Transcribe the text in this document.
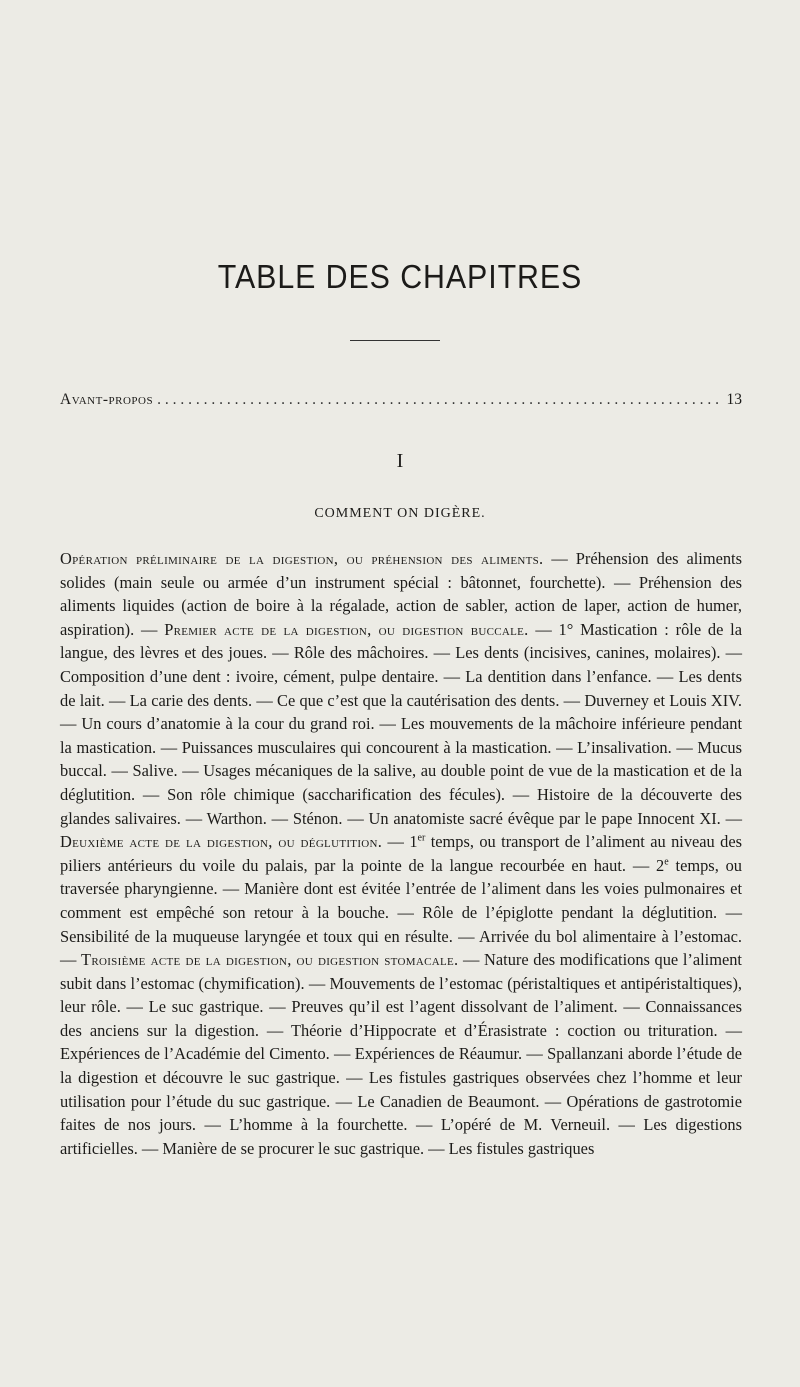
TABLE DES CHAPITRES
Avant-propos
. . .	13
I
COMMENT ON DIGÈRE.
Opération préliminaire de la digestion, ou préhension des aliments. — Préhension des aliments solides (main seule ou armée d’un instrument spécial : bâtonnet, fourchette). — Préhension des aliments liquides (action de boire à la régalade, action de sabler, action de laper, action de humer, aspiration). — Premier acte de la digestion, ou digestion buccale. — 1° Mastication : rôle de la langue, des lèvres et des joues. — Rôle des mâchoires. — Les dents (incisives, canines, molaires). — Composition d’une dent : ivoire, cément, pulpe dentaire. — La dentition dans l’enfance. — Les dents de lait. — La carie des dents. — Ce que c’est que la cautérisation des dents. — Duverney et Louis XIV. — Un cours d’anatomie à la cour du grand roi. — Les mouvements de la mâchoire inférieure pendant la mastication. — Puissances musculaires qui concourent à la mastication. — L’insalivation. — Mucus buccal. — Salive. — Usages mécaniques de la salive, au double point de vue de la mastication et de la déglutition. — Son rôle chimique (saccharification des fécules). — Histoire de la découverte des glandes salivaires. — Warthon. — Sténon. — Un anatomiste sacré évêque par le pape Innocent XI. — Deuxième acte de la digestion, ou déglutition. — 1er temps, ou transport de l’aliment au niveau des piliers antérieurs du voile du palais, par la pointe de la langue recourbée en haut. — 2e temps, ou traversée pharyngienne. — Manière dont est évitée l’entrée de l’aliment dans les voies pulmonaires et comment est empêché son retour à la bouche. — Rôle de l’épiglotte pendant la déglutition. — Sensibilité de la muqueuse laryngée et toux qui en résulte. — Arrivée du bol alimentaire à l’estomac. — Troisième acte de la digestion, ou digestion stomacale. — Nature des modifications que l’aliment subit dans l’estomac (chymification). — Mouvements de l’estomac (péristaltiques et antipéristaltiques), leur rôle. — Le suc gastrique. — Preuves qu’il est l’agent dissolvant de l’aliment. — Connaissances des anciens sur la digestion. — Théorie d’Hippocrate et d’Érasistrate : coction ou trituration. — Expériences de l’Académie del Cimento. — Expériences de Réaumur. — Spallanzani aborde l’étude de la digestion et découvre le suc gastrique. — Les fistules gastriques observées chez l’homme et leur utilisation pour l’étude du suc gastrique. — Le Canadien de Beaumont. — Opérations de gastrotomie faites de nos jours. — L’homme à la fourchette. — L’opéré de M. Verneuil. — Les digestions artificielles. — Manière de se procurer le suc gastrique. — Les fistules gastriques
